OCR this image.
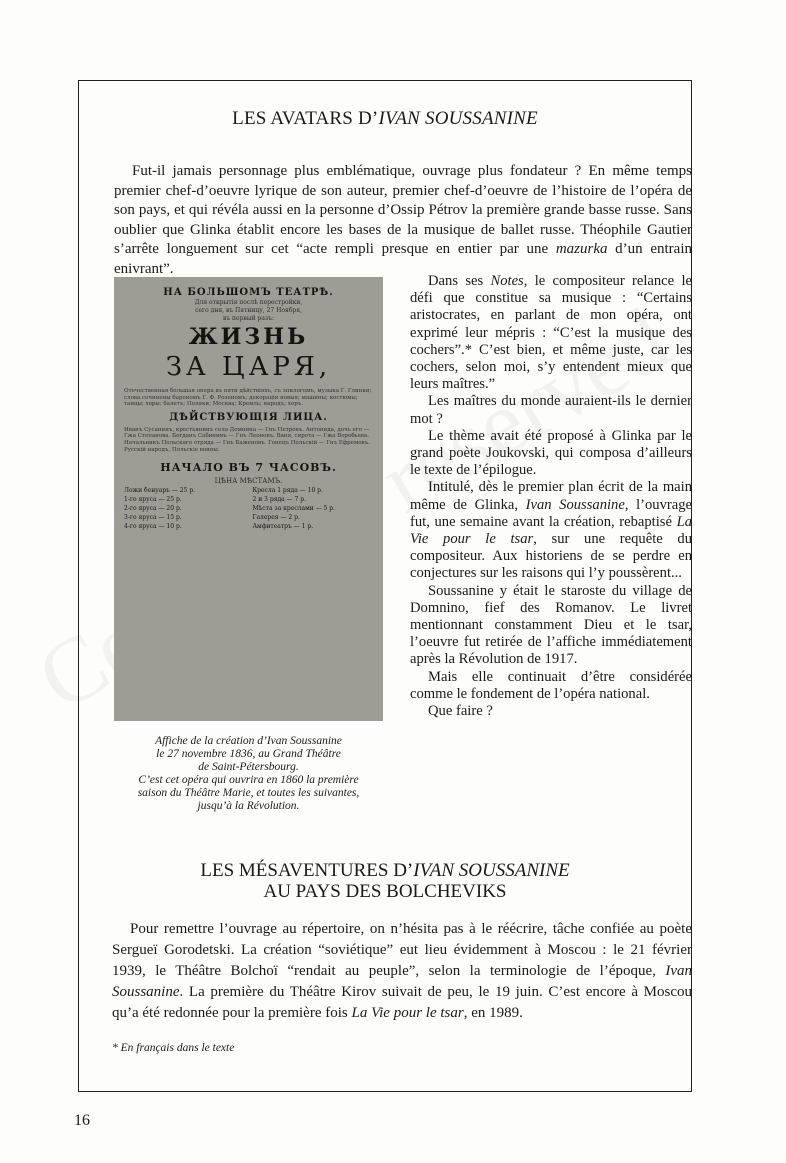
LES AVATARS D’IVAN SOUSSANINE
Fut-il jamais personnage plus emblématique, ouvrage plus fondateur ? En même temps premier chef-d’oeuvre lyrique de son auteur, premier chef-d’oeuvre de l’histoire de l’opéra de son pays, et qui révéla aussi en la personne d’Ossip Pétrov la première grande basse russe. Sans oublier que Glinka établit encore les bases de la musique de ballet russe. Théophile Gautier s’arrête longuement sur cet “acte rempli presque en entier par une mazurka d’un entrain enivrant”.
НА БОЛЬШОМЪ ТЕАТРѢ.
Для открытія послѣ перестройки,
сего дня, въ Пятницу, 27 Ноября,
въ первый разъ:
ЖИЗНЬ
ЗА ЦАРЯ,
Отечественная большая опера въ пяти дѣйствіяхъ, съ эпилогомъ, музыка Г. Глинки; слова сочинены барономъ Г. Ф. Розеномъ; декораціи новыя; машины; костюмы; танцы; хоры; балетъ; Поляки; Москва; Кремль; народъ; хоръ.
ДѢЙСТВУЮЩІЯ ЛИЦА.
Иванъ Сусанинъ, крестьянинъ села Домнина — Гнъ Петровъ. Антонида, дочь его — Гжа Степанова. Богданъ Сабининъ — Гнъ Леоновъ. Ваня, сирота — Гжа Воробьева. Начальникъ Польскаго отряда — Гнъ Баженовъ. Гонецъ Польскій — Гнъ Ефремовъ. Русскій народъ, Польскіе воины.
НАЧАЛО ВЪ 7 ЧАСОВЪ.
ЦѢНА МѢСТАМЪ.
Ложи бенуаръ — 25 р.
1-го яруса — 25 р.
2-го яруса — 20 р.
3-го яруса — 15 р.
4-го яруса — 10 р.
Кресла 1 ряда — 10 р.
2 и 3 ряда — 7 р.
Мѣста за креслами — 5 р.
Галерея — 2 р.
Амфитеатръ — 1 р.
Affiche de la création d’Ivan Soussanine
le 27 novembre 1836, au Grand Théâtre
de Saint-Pétersbourg.
C’est cet opéra qui ouvrira en 1860 la première
saison du Théâtre Marie, et toutes les suivantes,
jusqu’à la Révolution.

Dans ses Notes, le compositeur relance le défi que constitue sa musique : “Certains aristocrates, en parlant de mon opéra, ont exprimé leur mépris : “C’est la musique des cochers”.* C’est bien, et même juste, car les cochers, selon moi, s’y entendent mieux que leurs maîtres.”

Les maîtres du monde auraient-ils le dernier mot ?

Le thème avait été proposé à Glinka par le grand poète Joukovski, qui composa d’ailleurs le texte de l’épilogue.

Intitulé, dès le premier plan écrit de la main même de Glinka, Ivan Soussanine, l’ouvrage fut, une semaine avant la création, rebaptisé La Vie pour le tsar, sur une requête du compositeur. Aux historiens de se perdre en conjectures sur les raisons qui l’y poussèrent...

Soussanine y était le staroste du village de Domnino, fief des Romanov. Le livret mentionnant constamment Dieu et le tsar, l’oeuvre fut retirée de l’affiche immédiatement après la Révolution de 1917.

Mais elle continuait d’être considérée comme le fondement de l’opéra national.

Que faire ?

LES MÉSAVENTURES D’IVAN SOUSSANINE
AU PAYS DES BOLCHEVIKS
Pour remettre l’ouvrage au répertoire, on n’hésita pas à le réécrire, tâche confiée au poète Sergueï Gorodetski. La création “soviétique” eut lieu évidemment à Moscou : le 21 février 1939, le Théâtre Bolchoï “rendait au peuple”, selon la terminologie de l’époque, Ivan Soussanine. La première du Théâtre Kirov suivait de peu, le 19 juin. C’est encore à Moscou qu’a été redonnée pour la première fois La Vie pour le tsar, en 1989.
* En français dans le texte
16
